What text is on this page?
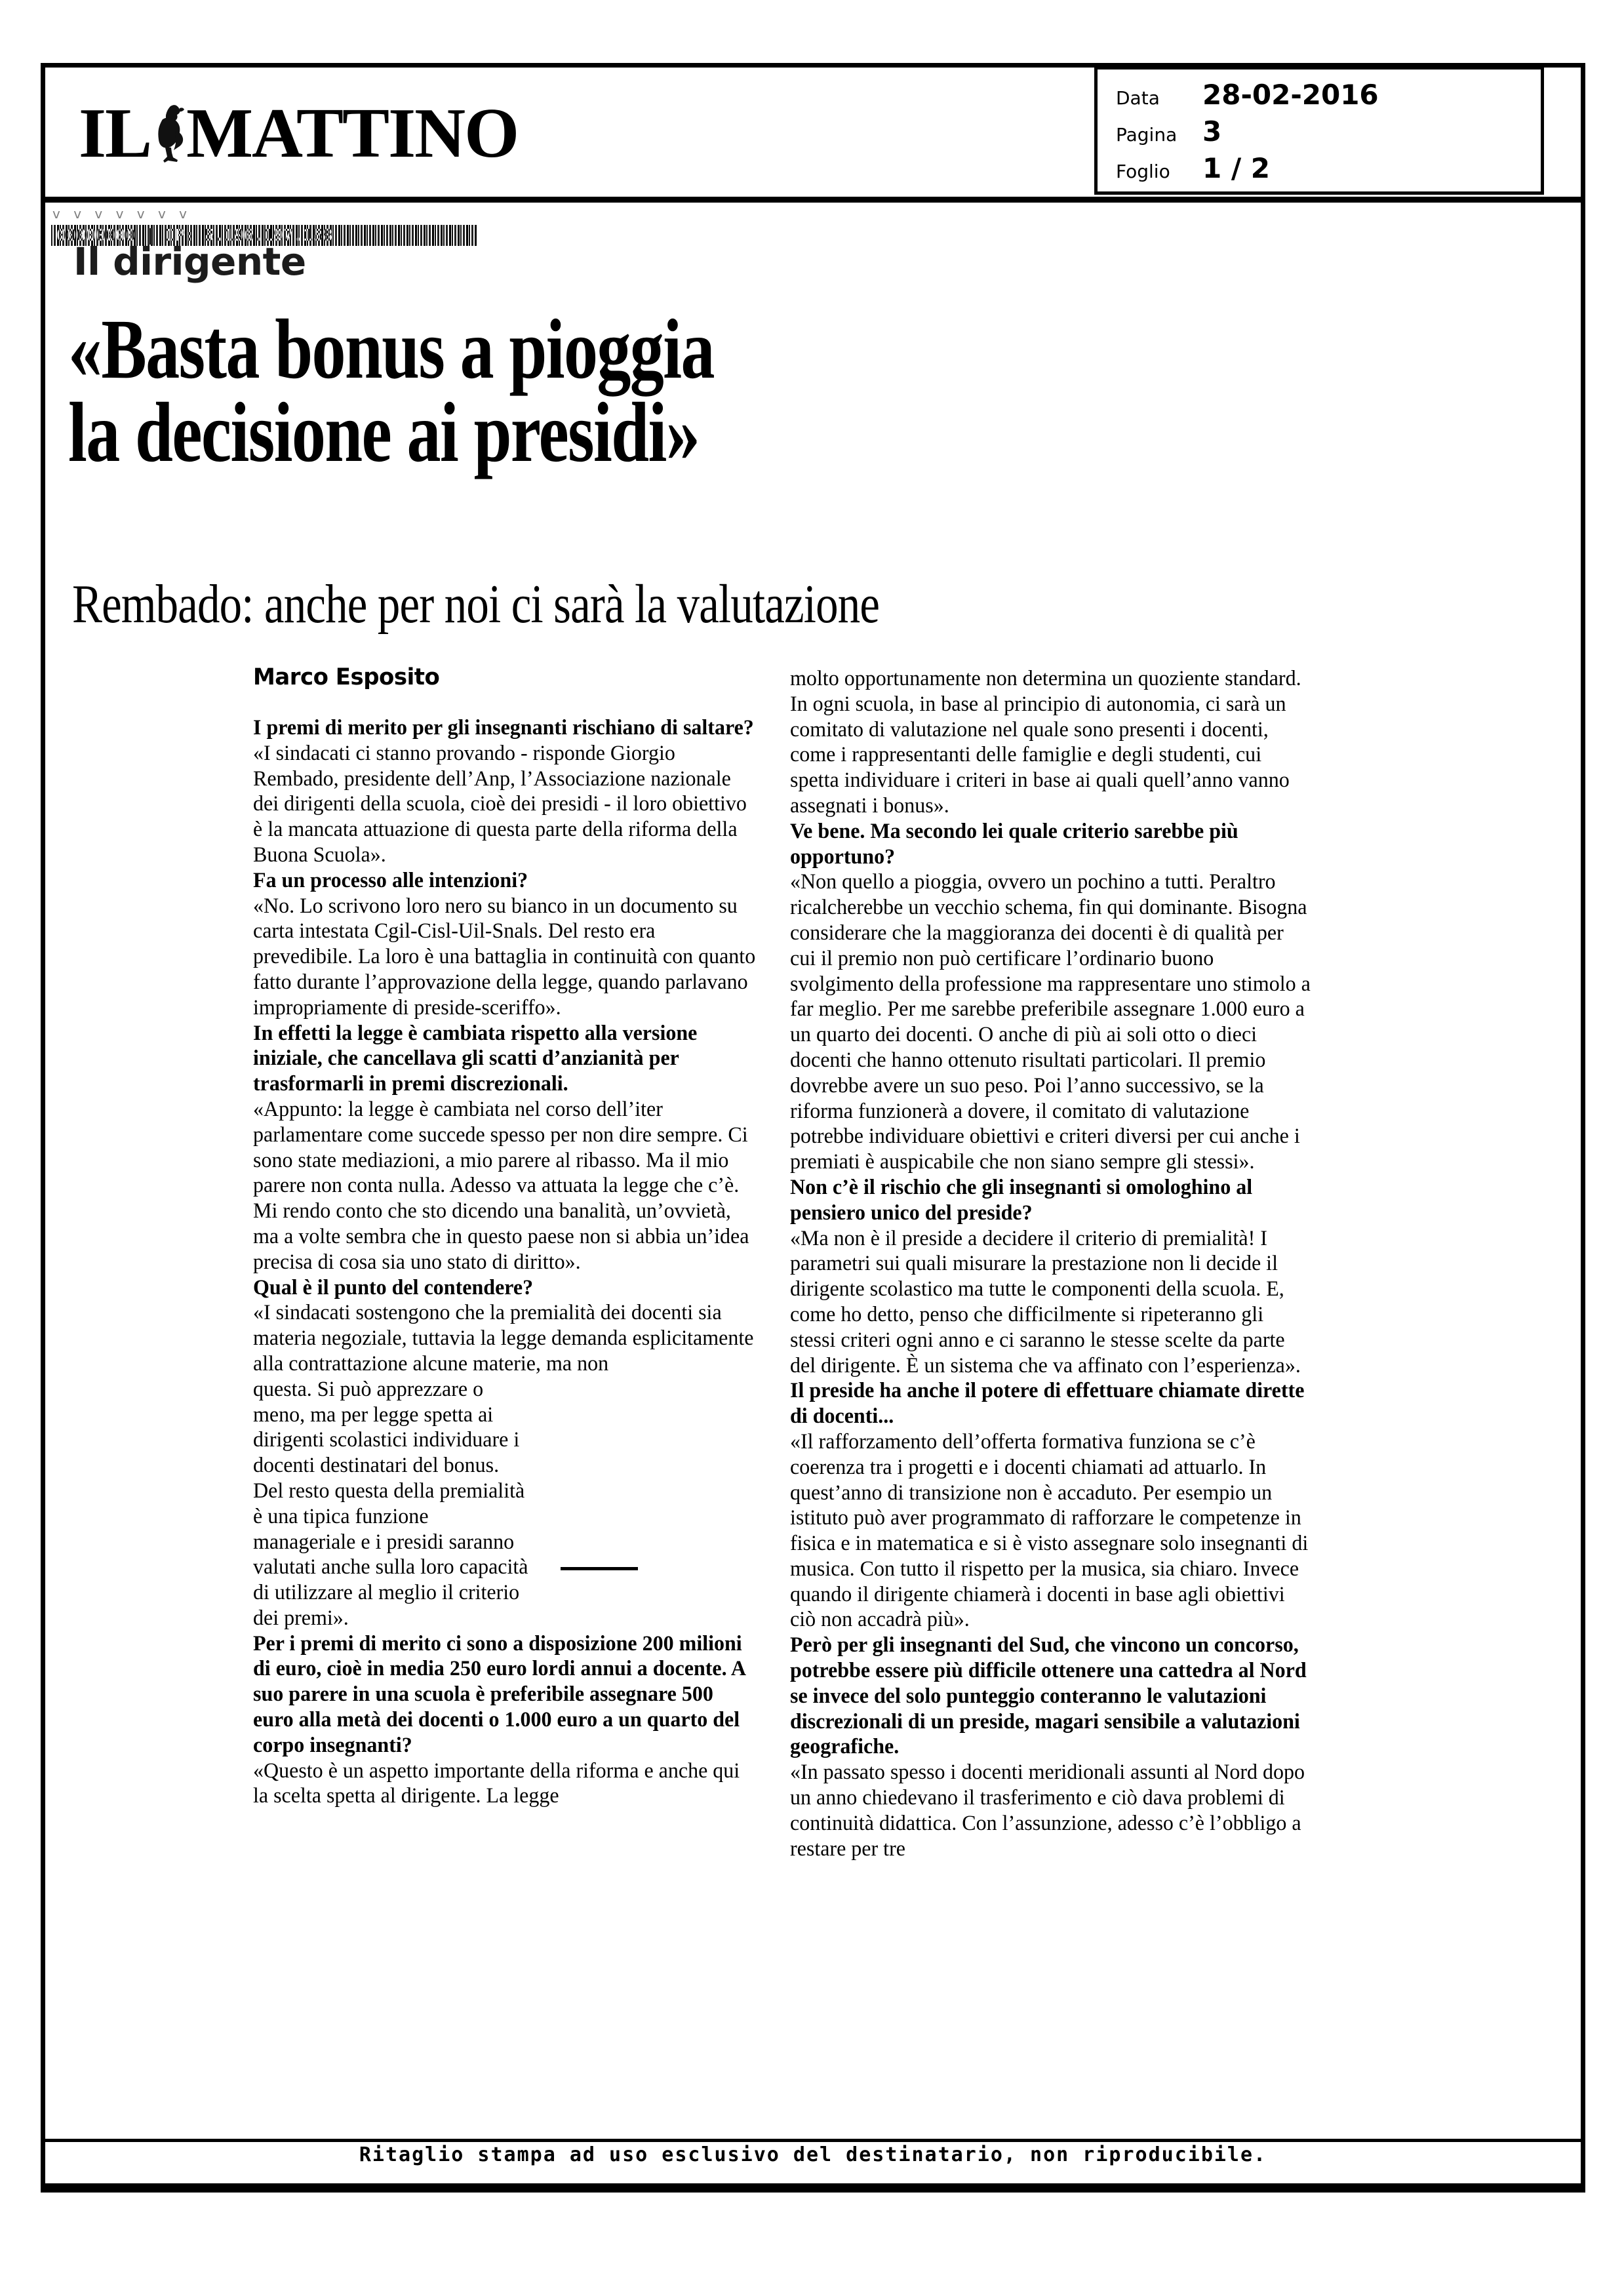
IL MATTINO	Data	28-02-2016
Pagina 3
Foglio	1 / 2
v v v v v v v
00000000 | IP: 5.196.197.158
Il dirigente
«Basta bonus a pioggia
la decisione ai presidi»
Rembado: anche per noi ci sarà la valutazione
Marco Esposito

I premi di merito per gli insegnanti rischiano di saltare?

«I sindacati ci stanno provando - risponde Giorgio Rembado, presidente dell’Anp, l’Associazione nazionale dei dirigenti della scuola, cioè dei presidi - il loro obiettivo è la mancata attuazione di questa parte della riforma della Buona Scuola».

Fa un processo alle intenzioni?

«No. Lo scrivono loro nero su bianco in un documento su carta intestata Cgil-Cisl-Uil-Snals. Del resto era prevedibile. La loro è una battaglia in continuità con quanto fatto durante l’approvazione della legge, quando parlavano impropriamente di preside-sceriffo».

In effetti la legge è cambiata rispetto alla versione iniziale, che cancellava gli scatti d’anzianità per trasformarli in premi discrezionali.

«Appunto: la legge è cambiata nel corso dell’iter parlamentare come succede spesso per non dire sempre. Ci sono state mediazioni, a mio parere al ribasso. Ma il mio parere non conta nulla. Adesso va attuata la legge che c’è. Mi rendo conto che sto dicendo una banalità, un’ovvietà, ma a volte sembra che in questo paese non si abbia un’idea precisa di cosa sia uno stato di diritto».

Qual è il punto del contendere?

«I sindacati sostengono che la premialità dei docenti sia materia negoziale, tuttavia la legge demanda esplicitamente alla contrattazione alcune materie, ma non

questa. Si può apprezzare o meno, ma per legge spetta ai dirigenti scolastici individuare i docenti destinatari del bonus. Del resto questa della premialità è una tipica funzione manageriale e i presidi saranno valutati anche sulla loro capacità di utilizzare al meglio il criterio dei premi».

Per i premi di merito ci sono a disposizione 200 milioni di euro, cioè in media 250 euro lordi annui a docente. A suo parere in una scuola è preferibile assegnare 500 euro alla metà dei docenti o 1.000 euro a un quarto del corpo insegnanti?

«Questo è un aspetto importante della riforma e anche qui la scelta spetta al dirigente. La legge

molto opportunamente non determina un quoziente standard. In ogni scuola, in base al principio di autonomia, ci sarà un comitato di valutazione nel quale sono presenti i docenti, come i rappresentanti delle famiglie e degli studenti, cui spetta individuare i criteri in base ai quali quell’anno vanno assegnati i bonus».

Ve bene. Ma secondo lei quale criterio sarebbe più opportuno?

«Non quello a pioggia, ovvero un pochino a tutti. Peraltro ricalcherebbe un vecchio schema, fin qui dominante. Bisogna considerare che la maggioranza dei docenti è di qualità per cui il premio non può certificare l’ordinario buono svolgimento della professione ma rappresentare uno stimolo a far meglio. Per me sarebbe preferibile assegnare 1.000 euro a un quarto dei docenti. O anche di più ai soli otto o dieci docenti che hanno ottenuto risultati particolari. Il premio dovrebbe avere un suo peso. Poi l’anno successivo, se la riforma funzionerà a dovere, il comitato di valutazione potrebbe individuare obiettivi e criteri diversi per cui anche i premiati è auspicabile che non siano sempre gli stessi».

Non c’è il rischio che gli insegnanti si omologhino al pensiero unico del preside?

«Ma non è il preside a decidere il criterio di premialità! I parametri sui quali misurare la prestazione non li decide il dirigente scolastico ma tutte le componenti della scuola. E, come ho detto, penso che difficilmente si ripeteranno gli stessi criteri ogni anno e ci saranno le stesse scelte da parte del dirigente. È un sistema che va affinato con l’esperienza».

Il preside ha anche il potere di effettuare chiamate dirette di docenti...

«Il rafforzamento dell’offerta formativa funziona se c’è coerenza tra i progetti e i docenti chiamati ad attuarlo. In quest’anno di transizione non è accaduto. Per esempio un istituto può aver programmato di rafforzare le competenze in fisica e in matematica e si è visto assegnare solo insegnanti di musica. Con tutto il rispetto per la musica, sia chiaro. Invece quando il dirigente chiamerà i docenti in base agli obiettivi ciò non accadrà più».

Però per gli insegnanti del Sud, che vincono un concorso, potrebbe essere più difficile ottenere una cattedra al Nord se invece del solo punteggio conteranno le valutazioni discrezionali di un preside, magari sensibile a valutazioni geografiche.

«In passato spesso i docenti meridionali assunti al Nord dopo un anno chiedevano il trasferimento e ciò dava problemi di continuità didattica. Con l’assunzione, adesso c’è l’obbligo a restare per tre

Ritaglio stampa ad uso esclusivo del destinatario, non riproducibile.
